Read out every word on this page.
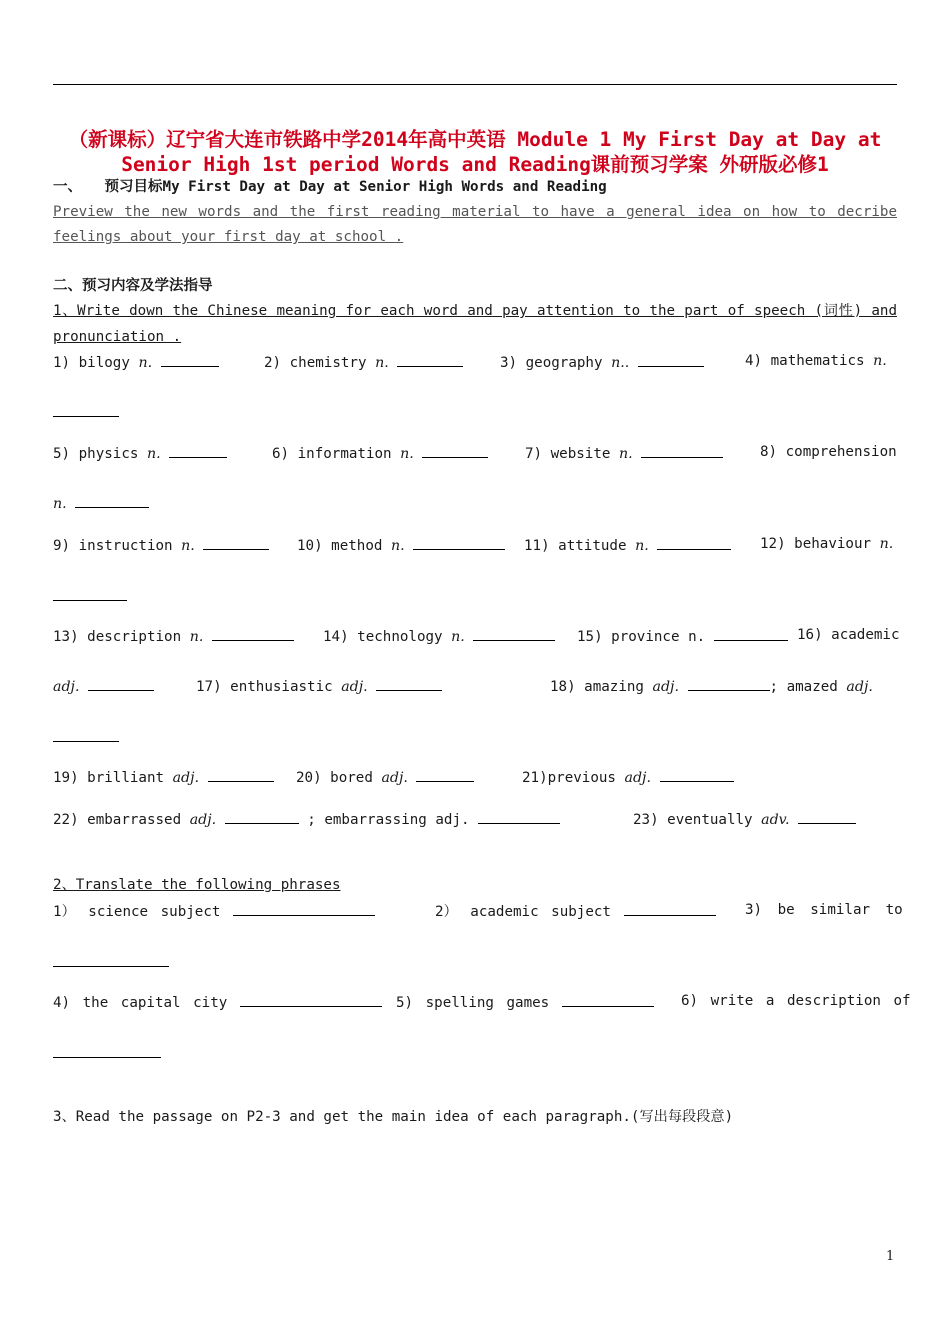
（新课标）辽宁省大连市铁路中学2014年高中英语 Module 1 My First Day at Day at
Senior High 1st period Words and Reading课前预习学案 外研版必修1
一、 预习目标My First Day at Day at Senior High Words and Reading
Preview the new words and the first reading material to have a general idea on how to decribe
feelings about your first day at school .
二、预习内容及学法指导
1、Write down the Chinese meaning for each word and pay attention to the part of speech (词性) and
pronunciation .
1) bilogy n.	2) chemistry n.	3) geography n..	4) mathematics n.
5) physics n.	6) information n.	7) website n.	8) comprehension
n.
9) instruction n.	10) method n.	11) attitude n.	12) behaviour n.
13) description n.	14) technology n.	15) province n.	16) academic
adj.	17) enthusiastic adj.	18) amazing adj.	; amazed adj.
19) brilliant adj.	20) bored adj.	21)previous adj.
22) embarrassed adj.	; embarrassing adj.	23) eventually adv.
2、Translate the following phrases
1） science subject	2） academic subject	3) be similar to
4) the capital city	5) spelling games	6) write a description of
3、Read the passage on P2-3 and get the main idea of each paragraph.(写出每段段意)
1
